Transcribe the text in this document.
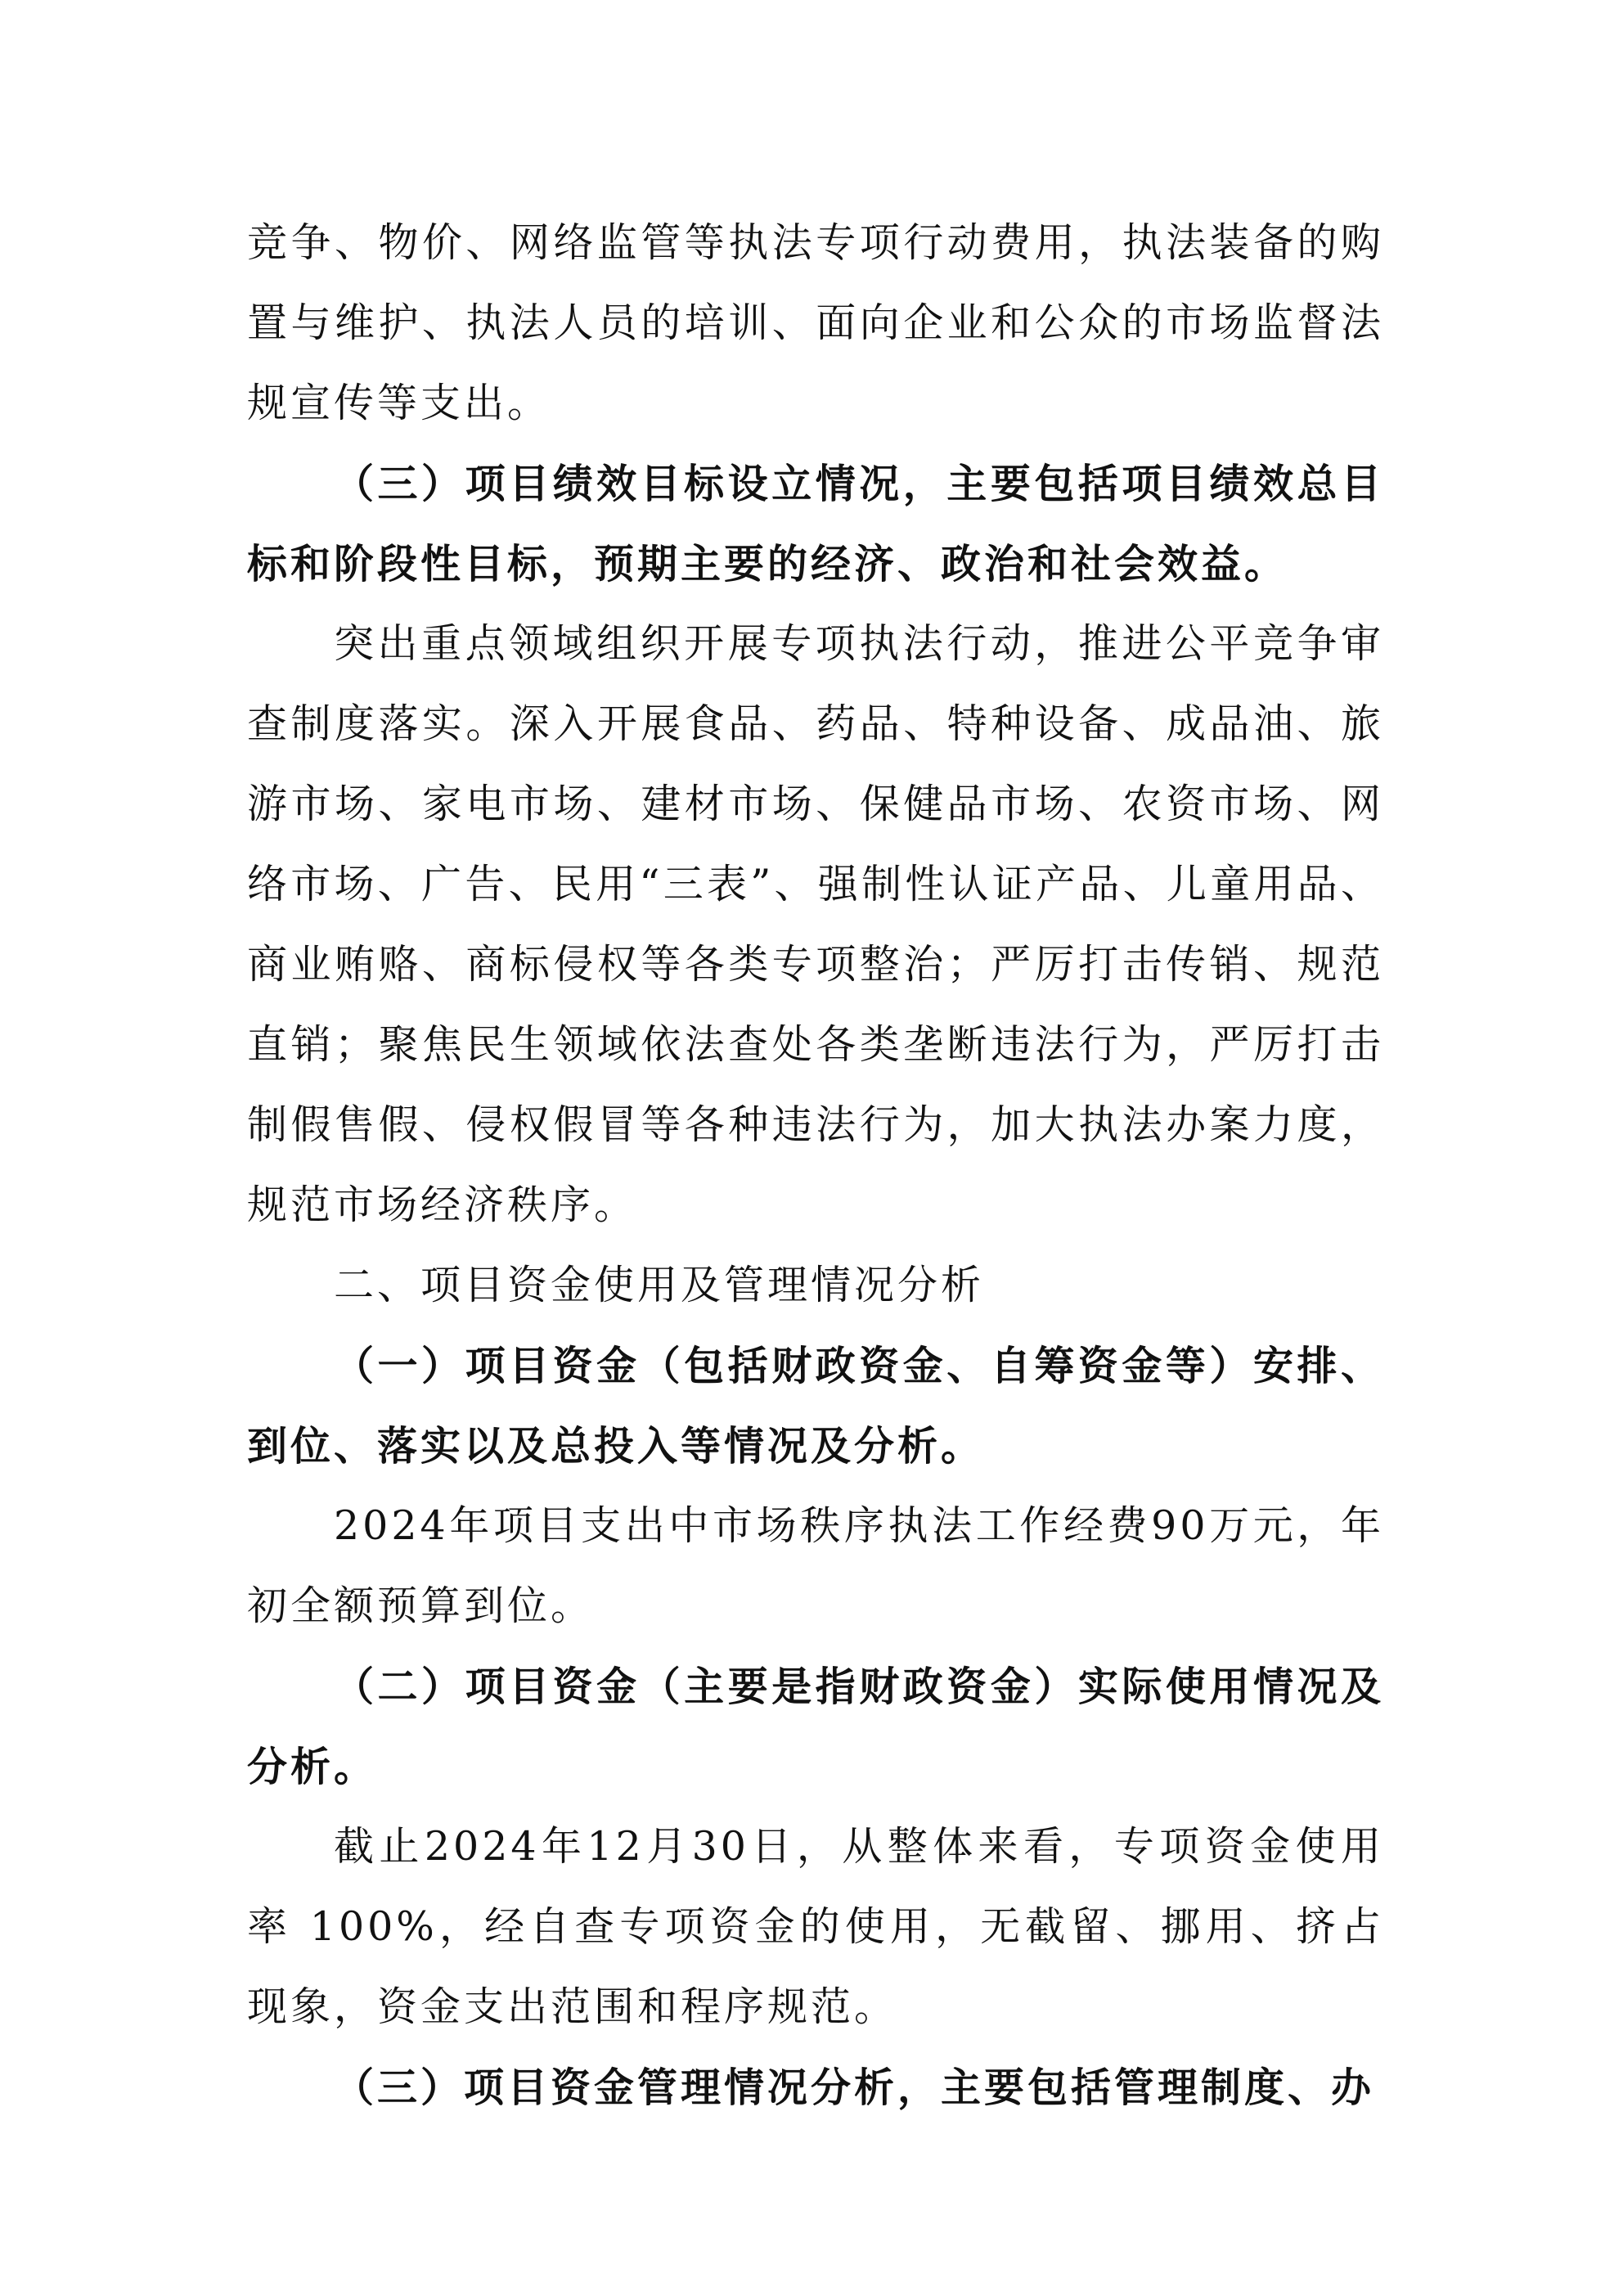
竞争、物价、网络监管等执法专项行动费用，执法装备的购置与维护、执法人员的培训、面向企业和公众的市场监督法规宣传等支出。

（三）项目绩效目标设立情况，主要包括项目绩效总目标和阶段性目标，预期主要的经济、政治和社会效益。

突出重点领域组织开展专项执法行动，推进公平竞争审查制度落实。深入开展食品、药品、特种设备、成品油、旅游市场、家电市场、建材市场、保健品市场、农资市场、网络市场、广告、民用“三表”、强制性认证产品、儿童用品、商业贿赂、商标侵权等各类专项整治；严厉打击传销、规范直销；聚焦民生领域依法查处各类垄断违法行为，严厉打击制假售假、侵权假冒等各种违法行为，加大执法办案力度，规范市场经济秩序。

二、项目资金使用及管理情况分析

（一）项目资金（包括财政资金、自筹资金等）安排、到位、落实以及总投入等情况及分析。

2024年项目支出中市场秩序执法工作经费90万元，年初全额预算到位。

（二）项目资金（主要是指财政资金）实际使用情况及分析。

截止2024年12月30日，从整体来看，专项资金使用率 100%，经自查专项资金的使用，无截留、挪用、挤占现象，资金支出范围和程序规范。

（三）项目资金管理情况分析，主要包括管理制度、办
